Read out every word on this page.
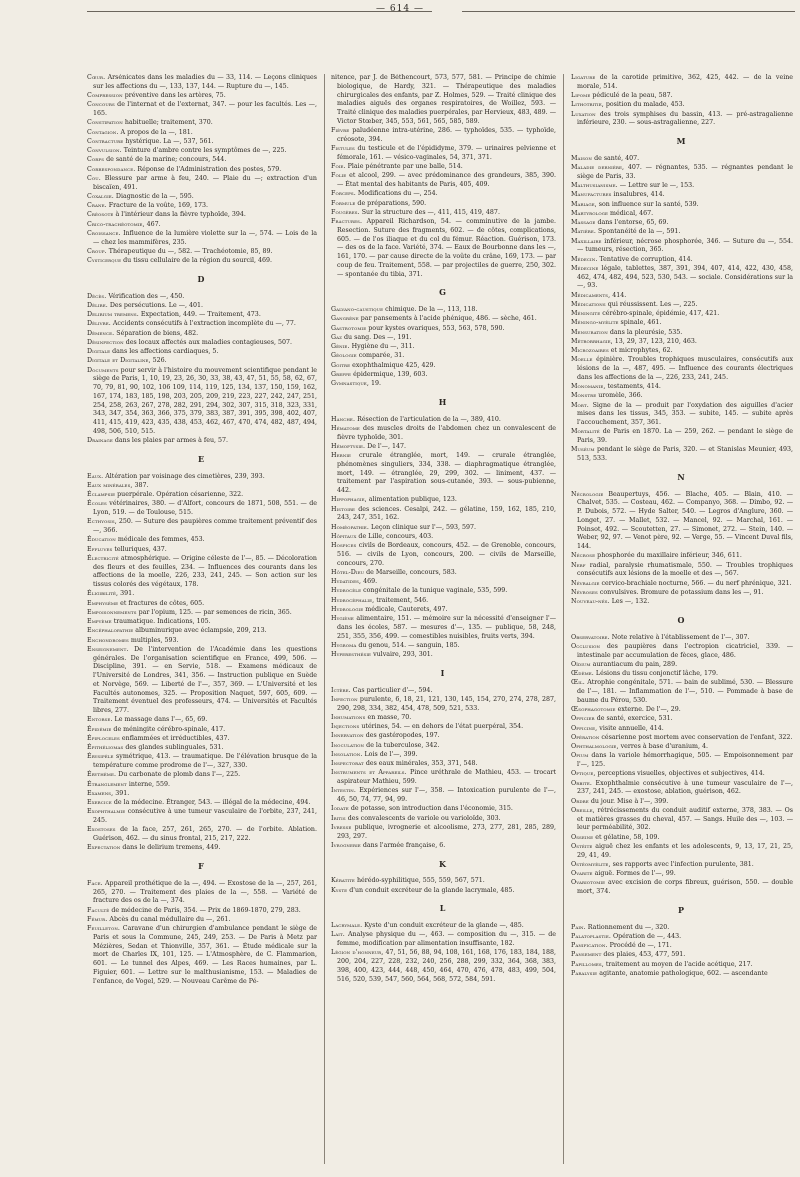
— 614 —
Cœur. Arsénicates dans les maladies du — 33, 114. — Leçons cliniques sur les affections du —, 133, 137, 144. — Rupture du —, 145.
Compression préventive dans les artères, 75.
Concours de l'internat et de l'externat, 347. — pour les facultés. Les —, 165.
Constipation habituelle; traitement, 370.
Contagion. A propos de la —, 181.
Contracture hystérique. La —, 537, 561.
Convulsion. Teinture d'ambre contre les symptômes de —, 225.
Corps de santé de la marine; concours, 544.
Correspondance. Réponse de l'Administration des postes, 579.
Cou. Blessure par arme à feu, 240. — Plaie du —; extraction d'un biscaïen, 491.
Coxalgie. Diagnostic de la —, 595.
Crane. Fracture de la voûte, 169, 173.
Créosote à l'intérieur dans la fièvre typhoïde, 394.
Crico-trachéotomie, 467.
Croissance. Influence de la lumière violette sur la —, 574. — Lois de la — chez les mammifères, 235.
Croup. Thérapeutique du —, 582. — Trachéotomie, 85, 89.
Cysticerque du tissu cellulaire de la région du sourcil, 469.
D
Décès. Vérification des —, 450.
Délire. Des persécutions. Le —, 401.
Delirium tremens. Expectation, 449. — Traitement, 473.
Délivre. Accidents consécutifs à l'extraction incomplète du —, 77.
Démence. Séparation de biens, 482.
Désinfection des locaux affectés aux maladies contagieuses, 507.
Digitale dans les affections cardiaques, 5.
Digitale et Digitaline, 526.
Documents pour servir à l'histoire du mouvement scientifique pendant le siège de Paris, 1, 10, 19, 23, 26, 30, 33, 38, 43, 47, 51, 55, 58, 62, 67, 70, 79, 81, 90, 102, 106 109, 114, 119, 125, 134, 137, 150, 159, 162, 167, 174, 183, 185, 198, 203, 205, 209, 219, 223, 227, 242, 247, 251, 254, 258, 263, 267, 278, 282, 291, 294, 302, 307, 315, 318, 323, 331, 343, 347, 354, 363, 366, 375, 379, 383, 387, 391, 395, 398, 402, 407, 411, 415, 419, 423, 435, 438, 453, 462, 467, 470, 474, 482, 487, 494, 498, 506, 510, 515.
Drainage dans les plaies par armes à feu, 57.
E
Eaux. Altération par voisinage des cimetières, 239, 393.
Eaux minérales, 387.
Éclampsie puerpérale. Opération césarienne, 322.
Écoles vétérinaires, 380. — d'Alfort, concours de 1871, 508, 551. — de Lyon, 519. — de Toulouse, 515.
Ecthyosis, 250. — Suture des paupières comme traitement préventif des —, 366.
Éducation médicale des femmes, 453.
Effluves telluriques, 437.
Électricité atmosphérique. — Origine céleste de l'—, 85. — Décoloration des fleurs et des feuilles, 234. — Influences des courants dans les affections de la moelle, 226, 233, 241, 245. — Son action sur les tissus colorés des végétaux, 178.
Éligibilité, 391.
Emphysème et fractures de côtes, 605.
Empoisonnements par l'opium, 125. — par semences de ricin, 365.
Empyème traumatique. Indications, 105.
Encéphalopathie albuminurique avec éclampsie, 209, 213.
Enchondromes multiples, 593.
Enseignement. De l'intervention de l'Académie dans les questions générales. De l'organisation scientifique en France, 499, 506. — Discipline, 391. — en Servie, 518. — Examens médicaux de l'Université de Londres, 341, 356. — Instruction publique en Suède et Norvège, 569. — Liberté de l'—, 357, 369. — L'Université et les Facultés autonomes, 325. — Proposition Naquet, 597, 605, 609. — Traitement éventuel des professeurs, 474. — Universités et Facultés libres, 277.
Entorse. Le massage dans l'—, 65, 69.
Épidémie de méningite cérébro-spinale, 417.
Épiploceles enflammées et irréductibles, 437.
Épithéliomas des glandes sublinguales, 531.
Érysipèle symétrique, 413. — traumatique. De l'élévation brusque de la température comme prodrome de l'—, 327, 330.
Érythème. Du carbonate de plomb dans l'—, 225.
Étranglement interne, 559.
Examens, 391.
Exercice de la médecine. Étranger, 543. — illégal de la médecine, 494.
Exophthalmie consécutive à une tumeur vasculaire de l'orbite, 237, 241, 245.
Exostoses de la face, 257, 261, 265, 270. — de l'orbite. Ablation. Guérison, 462. — du sinus frontal, 215, 217, 222.
Expectation dans le delirium tremens, 449.
F
Face. Appareil prothétique de la —, 494. — Exostose de la —, 257, 261, 265, 270. — Traitement des plaies de la —, 558. — Variété de fracture des os de la —, 374.
Faculté de médecine de Paris, 354. — Prix de 1869-1870, 279, 283.
Fémur. Abcès du canal médullaire du —, 261.
Feuilleton. Caravane d'un chirurgien d'ambulance pendant le siège de Paris et sous la Commune, 245, 249, 253. — De Paris à Metz par Mézières, Sedan et Thionville, 357, 361. — Étude médicale sur la mort de Charles IX, 101, 125. — L'Atmosphère, de C. Flammarion, 601. — Le tunnel des Alpes, 469. — Les Races humaines, par L. Figuier, 601. — Lettre sur le malthusianisme, 153. — Maladies de l'enfance, de Vogel, 529. — Nouveau Carême de Pé-
nitence, par J. de Béthencourt, 573, 577, 581. — Principe de chimie biologique, de Hardy, 321. — Thérapeutique des maladies chirurgicales des enfants, par Z. Holmes, 529. — Traité clinique des maladies aiguës des organes respiratoires, de Woillez, 593. — Traité clinique des maladies puerpérales, par Hervieux, 483, 489. — Victor Stœber, 345, 553, 561, 565, 585, 589.
Fièvre paludéenne intra-utérine, 286. — typhoïdes, 535. — typhoïde, créosote, 394.
Fistules du testicule et de l'épididyme, 379. — urinaires pelvienne et fémorale, 161. — vésico-vaginales, 54, 371, 371.
Foie. Plaie pénétrante par une balle, 514.
Folie et alcool, 299. — avec prédominance des grandeurs, 385, 390. — État mental des habitants de Paris, 405, 409.
Forceps. Modifications du —, 254.
Formule de préparations, 590.
Fougères. Sur la structure des —, 411, 415, 419, 487.
Fractures. Appareil Richardson, 54. — comminutive de la jambe. Resection. Suture des fragments, 602. — de côtes, complications, 605. — de l'os iliaque et du col du fémur. Réaction. Guérison, 173. — des os de la face. Variété, 374. — Eaux de Bourbonne dans les —, 161, 170. — par cause directe de la voûte du crâne, 169, 173. — par coup de feu. Traitement, 558. — par projectiles de guerre, 250, 302. — spontanée du tibia, 371.
G
Galvano-caustique chimique. De la —, 113, 118.
Gangrène par pansements à l'acide phénique, 486. — sèche, 461.
Gastrotomie pour kystes ovariques, 553, 563, 578, 590.
Gaz du sang. Des —, 191.
Génie. Hygiène du —, 311.
Géologie comparée, 31.
Goitre exophthalmique 425, 429.
Greffe épidermique, 139, 603.
Gymnastique, 19.
H
Hanche. Résection de l'articulation de la —, 389, 410.
Hématome des muscles droits de l'abdomen chez un convalescent de fièvre typhoïde, 301.
Hémoptysie. De l'—, 147.
Hernie crurale étranglée, mort, 149. — crurale étranglée, phénomènes singuliers, 334, 338. — diaphragmatique étranglée, mort, 149. — étranglée, 29, 299, 302. — liniment, 437. — traitement par l'aspiration sous-cutanée, 393. — sous-pubienne, 442.
Hippophagie, alimentation publique, 123.
Histoire des sciences. Cesalpi, 242. — gélatine, 159, 162, 185, 210, 243, 247, 351, 162.
Homéopathie. Leçon clinique sur l'—, 593, 597.
Hôpitaux de Lille, concours, 403.
Hospices civils de Bordeaux, concours, 452. — de Grenoble, concours, 516. — civils de Lyon, concours, 200. — civils de Marseille, concours, 270.
Hôtel-Dieu de Marseille, concours, 583.
Hydatides, 469.
Hydrocèle congénitale de la tunique vaginale, 535, 599.
Hydrocéphalie, traitement, 546.
Hydrologie médicale, Cauterets, 497.
Hygiène alimentaire, 151. — mémoire sur la nécessité d'enseigner l'— dans les écoles, 587. — mesures d'—, 135. — publique, 58, 248, 251, 355, 356, 499. — comestibles nuisibles, fruits verts, 394.
Hygroma du genou, 514. — sanguin, 185.
Hyperesthésie vulvaire, 293, 301.
I
Ictère. Cas particulier d'—, 594.
Infection purulente, 6, 18, 21, 121, 130, 145, 154, 270, 274, 278, 287, 290, 298, 334, 382, 454, 478, 509, 521, 533.
Inhumations en masse, 70.
Injections utérines, 54. — en dehors de l'état puerpéral, 354.
Innervation des gastéropodes, 197.
Inoculation de la tuberculose, 342.
Insolation. Lois de l'—, 399.
Inspectorat des eaux minérales, 353, 371, 548.
Instruments et Appareils. Pince uréthrale de Mathieu, 453. — trocart aspirateur Mathieu, 599.
Intestin. Expériences sur l'—, 358. — Intoxication purulente de l'—, 46, 50, 74, 77, 94, 99.
Iodate de potasse, son introduction dans l'économie, 315.
Iritis des convalescents de variole ou varioloïde, 303.
Ivresse publique, ivrognerie et alcoolisme, 273, 277, 281, 285, 289, 293, 297.
Ivrognerie dans l'armée française, 6.
K
Kératite hérédo-syphilitique, 555, 559, 567, 571.
Kyste d'un conduit excréteur de la glande lacrymale, 485.
L
Lacrymale. Kyste d'un conduit excréteur de la glande —, 485.
Lait. Analyse physique du —, 463. — composition du —, 315. — de femme, modification par alimentation insuffisante, 182.
Légion d'honneur, 47, 51, 56, 88, 94, 108, 161, 168, 176, 183, 184, 188, 200, 204, 227, 228, 232, 240, 256, 288, 299, 332, 364, 368, 383, 398, 400, 423, 444, 448, 450, 464, 470, 476, 478, 483, 499, 504, 516, 520, 539, 547, 560, 564, 568, 572, 584, 591.
Ligature de la carotide primitive, 362, 425, 442. — de la veine morale, 514.
Lipome pédiculé de la peau, 587.
Lithotritie, position du malade, 453.
Luxation des trois symphises du bassin, 413. — pré-astragalienne inférieure, 230. — sous-astragalienne, 227.
M
Maison de santé, 407.
Maladie dernière, 407. — régnantes, 535. — régnantes pendant le siège de Paris, 33.
Malthusianisme. — Lettre sur le —, 153.
Manufactures insalubres, 414.
Mariage, son influence sur la santé, 539.
Martyrologe médical, 467.
Massage dans l'entorse, 65, 69.
Matière. Spontanéité de la —, 591.
Maxillaire inférieur, nécrose phosphorée, 346. — Suture du —, 554. — tumeurs, résection, 365.
Médecin. Tentative de corruption, 414.
Médecine légale, tablettes, 387, 391, 394, 407, 414, 422, 430, 458, 462, 474, 482, 494, 523, 530, 543. — sociale. Considérations sur la —, 93.
Médicaments, 414.
Médications qui réussissent. Les —, 225.
Méningite cérébro-spinale, épidémie, 417, 421.
Méningo-myélite spinale, 461.
Mensuration dans la pleurésie, 535.
Métrorrhagie, 13, 29, 37, 123, 210, 463.
Microzoaires et microphytes, 62.
Moelle épinière. Troubles trophiques musculaires, consécutifs aux lésions de la —, 487, 495. — Influence des courants électriques dans les affections de la —, 226, 233, 241, 245.
Monomanie, testaments, 414.
Monstre uromèle, 366.
Mort. Signe de la — produit par l'oxydation des aiguilles d'acier mises dans les tissus, 345, 353. — subite, 145. — subite après l'accouchement, 357, 361.
Mortalité de Paris en 1870. La — 259, 262. — pendant le siège de Paris, 39.
Muséum pendant le siège de Paris, 320. — et Stanislas Meunier, 493, 513, 533.
N
Nécrologie Beaupertuys, 456. — Blache, 405. — Blain, 410. — Chalvet, 535. — Costeau, 462. — Companyo, 368. — Dimbo, 92. — P. Dubois, 572. — Hyde Salter, 540. — Legros d'Anglure, 360. — Longet, 27. — Mallet, 532. — Mancel, 92. — Marchal, 161. — Poinsot, 492. — Scoutetten, 27. — Simonet, 272. — Stein, 140. — Weber, 92, 97. — Venot père, 92. — Verge, 55. — Vincent Duval fils, 144.
Nécrose phosphorée du maxillaire inférieur, 346, 611.
Nerf radial, paralysie rhumatismale, 550. — Troubles trophiques consécutifs aux lésions de la moelle et des —, 567.
Névralgie cervico-brachiale nocturne, 566. — du nerf phrénique, 321.
Névroses convulsives. Bromure de potassium dans les —, 91.
Nouveau-nés. Les —, 132.
O
Observatoire. Note relative à l'établissement de l'—, 307.
Occlusion des paupières dans l'ectropion cicatriciel, 339. — intestinale par accumulation de fèces, glace, 486.
Oïdium aurantiacum du pain, 289.
Œdème. Lésions du tissu conjonctif lâche, 179.
Œil. Atrophie congénitale, 571. — bain de sublimé, 530. — Blessure de l'—, 181. — Inflammation de l'—, 510. — Pommade à base de baume du Pérou, 530.
Œsophagotomie externe. De l'—, 29.
Officier de santé, exercice, 531.
Officine, visite annuelle, 414.
Opération césarienne post mortem avec conservation de l'enfant, 322.
Ophthalmologie, verres à base d'uranium, 4.
Opium dans la variole hémorrhagique, 505. — Empoisonnement par l'—, 125.
Optique, perceptions visuelles, objectives et subjectives, 414.
Orbite. Exophthalmie consécutive à une tumeur vasculaire de l'—, 237, 241, 245. — exostose, ablation, guérison, 462.
Ordre du jour. Mise à l'—, 399.
Oreille, rétrécissements du conduit auditif externe, 378, 383. — Os et matières grasses du cheval, 457. — Sangs. Huile des —, 103. — leur perméabilité, 302.
Osseine et gélatine, 58, 109.
Ostéite aiguë chez les enfants et les adolescents, 9, 13, 17, 21, 25, 29, 41, 49.
Ostéomyélite, ses rapports avec l'infection purulente, 381.
Ovarite aiguë. Formes de l'—, 99.
Ovariotomie avec excision de corps fibreux, guérison, 550. — double mort, 374.
P
Pain. Rationnement du —, 320.
Palatoplastie. Opération de —, 443.
Panification. Procédé de —, 171.
Pansement des plaies, 453, 477, 591.
Papillomes, traitement au moyen de l'acide acétique, 217.
Paralysie agitante, anatomie pathologique, 602. — ascendante
